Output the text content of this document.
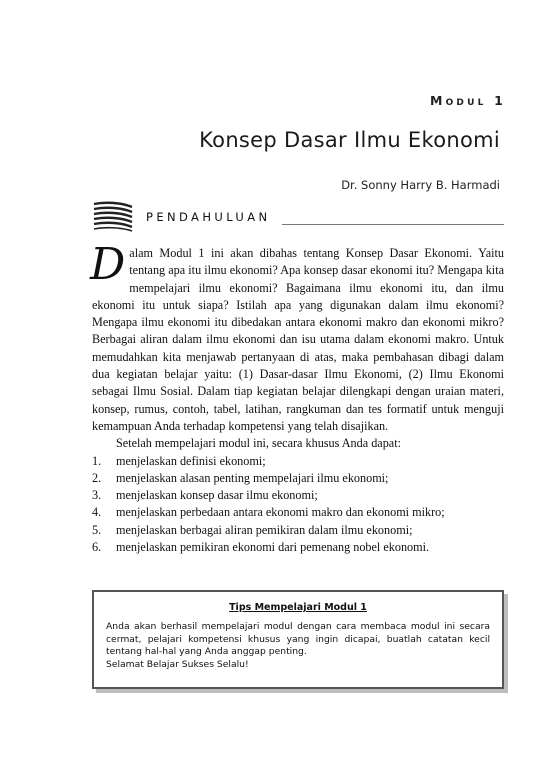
Modul 1
Konsep Dasar Ilmu Ekonomi
Dr. Sonny Harry B. Harmadi
PENDAHULUAN

Dalam Modul 1 ini akan dibahas tentang Konsep Dasar Ekonomi. Yaitu tentang apa itu ilmu ekonomi? Apa konsep dasar ekonomi itu? Mengapa kita mempelajari ilmu ekonomi? Bagaimana ilmu ekonomi itu, dan ilmu ekonomi itu untuk siapa? Istilah apa yang digunakan dalam ilmu ekonomi? Mengapa ilmu ekonomi itu dibedakan antara ekonomi makro dan ekonomi mikro? Berbagai aliran dalam ilmu ekonomi dan isu utama dalam ekonomi makro. Untuk memudahkan kita menjawab pertanyaan di atas, maka pembahasan dibagi dalam dua kegiatan belajar yaitu: (1) Dasar-dasar Ilmu Ekonomi, (2) Ilmu Ekonomi sebagai Ilmu Sosial. Dalam tiap kegiatan belajar dilengkapi dengan uraian materi, konsep, rumus, contoh, tabel, latihan, rangkuman dan tes formatif untuk menguji kemampuan Anda terhadap kompetensi yang telah disajikan.

Setelah mempelajari modul ini, secara khusus Anda dapat:

1. menjelaskan definisi ekonomi;
2. menjelaskan alasan penting mempelajari ilmu ekonomi;
3. menjelaskan konsep dasar ilmu ekonomi;
4. menjelaskan perbedaan antara ekonomi makro dan ekonomi mikro;
5. menjelaskan berbagai aliran pemikiran dalam ilmu ekonomi;
6. menjelaskan pemikiran ekonomi dari pemenang nobel ekonomi.
Tips Mempelajari Modul 1
Anda akan berhasil mempelajari modul dengan cara membaca modul ini secara cermat, pelajari kompetensi khusus yang ingin dicapai, buatlah catatan kecil tentang hal-hal yang Anda anggap penting.
Selamat Belajar Sukses Selalu!
